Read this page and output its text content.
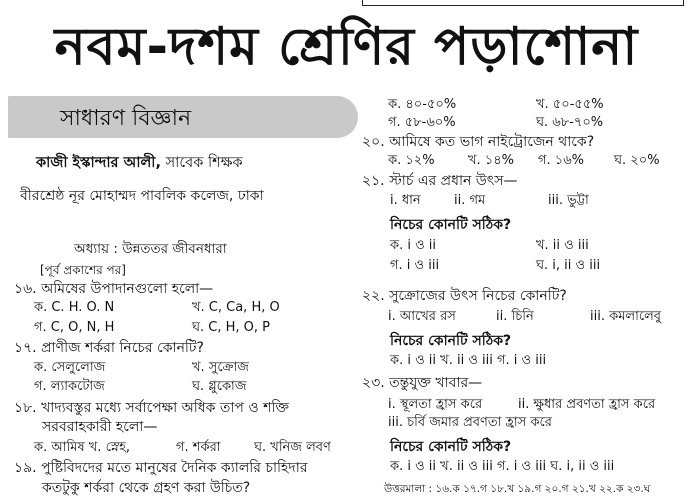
নবম-দশম শ্রেণির পড়াশোনা
সাধারণ বিজ্ঞান
কাজী ইস্কান্দার আলী, সাবেক শিক্ষক
বীরশ্রেষ্ঠ নূর মোহাম্মদ পাবলিক কলেজ, ঢাকা
অধ্যায় : উন্নততর জীবনধারা
[পূর্ব প্রকাশের পর]
১৬. অমিষের উপাদানগুলো হলো—
ক. C. H. O. N	খ. C, Ca, H, O
গ. C, O, N, H	ঘ. C, H, O, P
১৭. প্রাণীজ শর্করা নিচের কোনটি?
ক. সেলুলোজ	খ. সুক্রোজ
গ. ল্যাকটোজ	ঘ. গ্লুকোজ
১৮. খাদ্যবস্তুর মধ্যে সর্বাপেক্ষা অধিক তাপ ও শক্তি
সরবরাহকারী হলো—
ক. আমিষ খ. স্নেহ,	গ. শর্করা	ঘ. খনিজ লবণ
১৯. পুষ্টিবিদদের মতে মানুষের দৈনিক ক্যালরি চাহিদার
কতটুকু শর্করা থেকে গ্রহণ করা উচিত?
ক. ৪০-৫০%	খ. ৫০-৫৫%
গ. ৫৮-৬০%	ঘ. ৬৮-৭০%
২০. আমিষে কত ভাগ নাইট্রোজেন থাকে?
ক. ১২%	খ. ১৪% গ. ১৬% ঘ. ২০%
২১. স্টার্চ এর প্রধান উৎস—
i. ধান	ii. গম	iii. ভুট্টা
নিচের কোনটি সঠিক?
ক. i ও ii	খ. ii ও iii
গ. i ও iii	ঘ. i, ii ও iii
২২. সুক্রোজের উৎস নিচের কোনটি?
i. আখের রস	ii. চিনি	iii. কমলালেবু
নিচের কোনটি সঠিক?
ক. i ও ii খ. ii ও iii গ. i ও iii
২৩. তন্তুযুক্ত খাবার—
i. স্থূলতা হ্রাস করে	ii. ক্ষুধার প্রবণতা হ্রাস করে
iii. চর্বি জমার প্রবণতা হ্রাস করে
নিচের কোনটি সঠিক?
ক. i ও ii খ. ii ও iii গ. i ও iii ঘ. i, ii ও iii
উত্তরমালা : ১৬.ক ১৭.গ ১৮.খ ১৯.গ ২০.গ ২১.খ ২২.ক ২৩.ঘ
